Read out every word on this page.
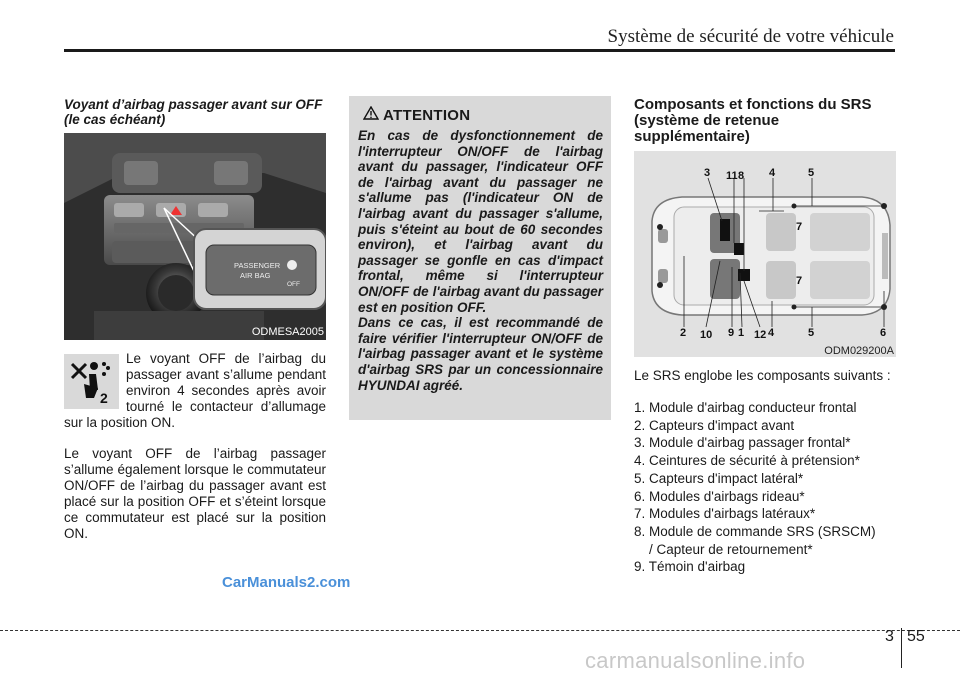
Système de sécurité de votre véhicule
Voyant d’airbag passager avant sur OFF (le cas échéant)
PASSENGER
AIR BAG
OFF
ODMESA2005
2

Le voyant OFF de l’airbag du passager avant s’allume pendant environ 4 secondes après avoir tourné le contacteur d’allumage sur la position ON.

Le voyant OFF de l’airbag passager s’allume également lorsque le commutateur ON/OFF de l’airbag du passager avant est placé sur la position OFF et s’éteint lorsque ce commutateur est placé sur la position ON.

ATTENTION

En cas de dysfonctionnement de l'interrupteur ON/OFF de l'airbag avant du passager, l'indicateur OFF de l'airbag avant du passager ne s'allume pas (l'indicateur ON de l'airbag avant du passager s'allume, puis s'éteint au bout de 60 secondes environ), et l'airbag avant du passager se gonfle en cas d'impact frontal, même si l'interrupteur ON/OFF de l'airbag avant du passager est en position OFF.

Dans ce cas, il est recommandé de faire vérifier l'interrupteur ON/OFF de l'airbag passager avant et le système d'airbag SRS par un concessionnaire HYUNDAI agréé.

Composants et fonctions du SRS (système de retenue supplémentaire)
3 11 8 4	5
7
7
2 10 9 1 12 4	5	6
ODM029200A

Le SRS englobe les composants suivants :

1. Module d'airbag conducteur frontal
2. Capteurs d'impact avant
3. Module d'airbag passager frontal*
4. Ceintures de sécurité à prétension*
5. Capteurs d'impact latéral*
6. Modules d'airbags rideau*
7. Modules d'airbags latéraux*
8. Module de commande SRS (SRSCM)
/ Capteur de retournement*
9. Témoin d'airbag
CarManuals2.com
3 55
carmanualsonline.info
